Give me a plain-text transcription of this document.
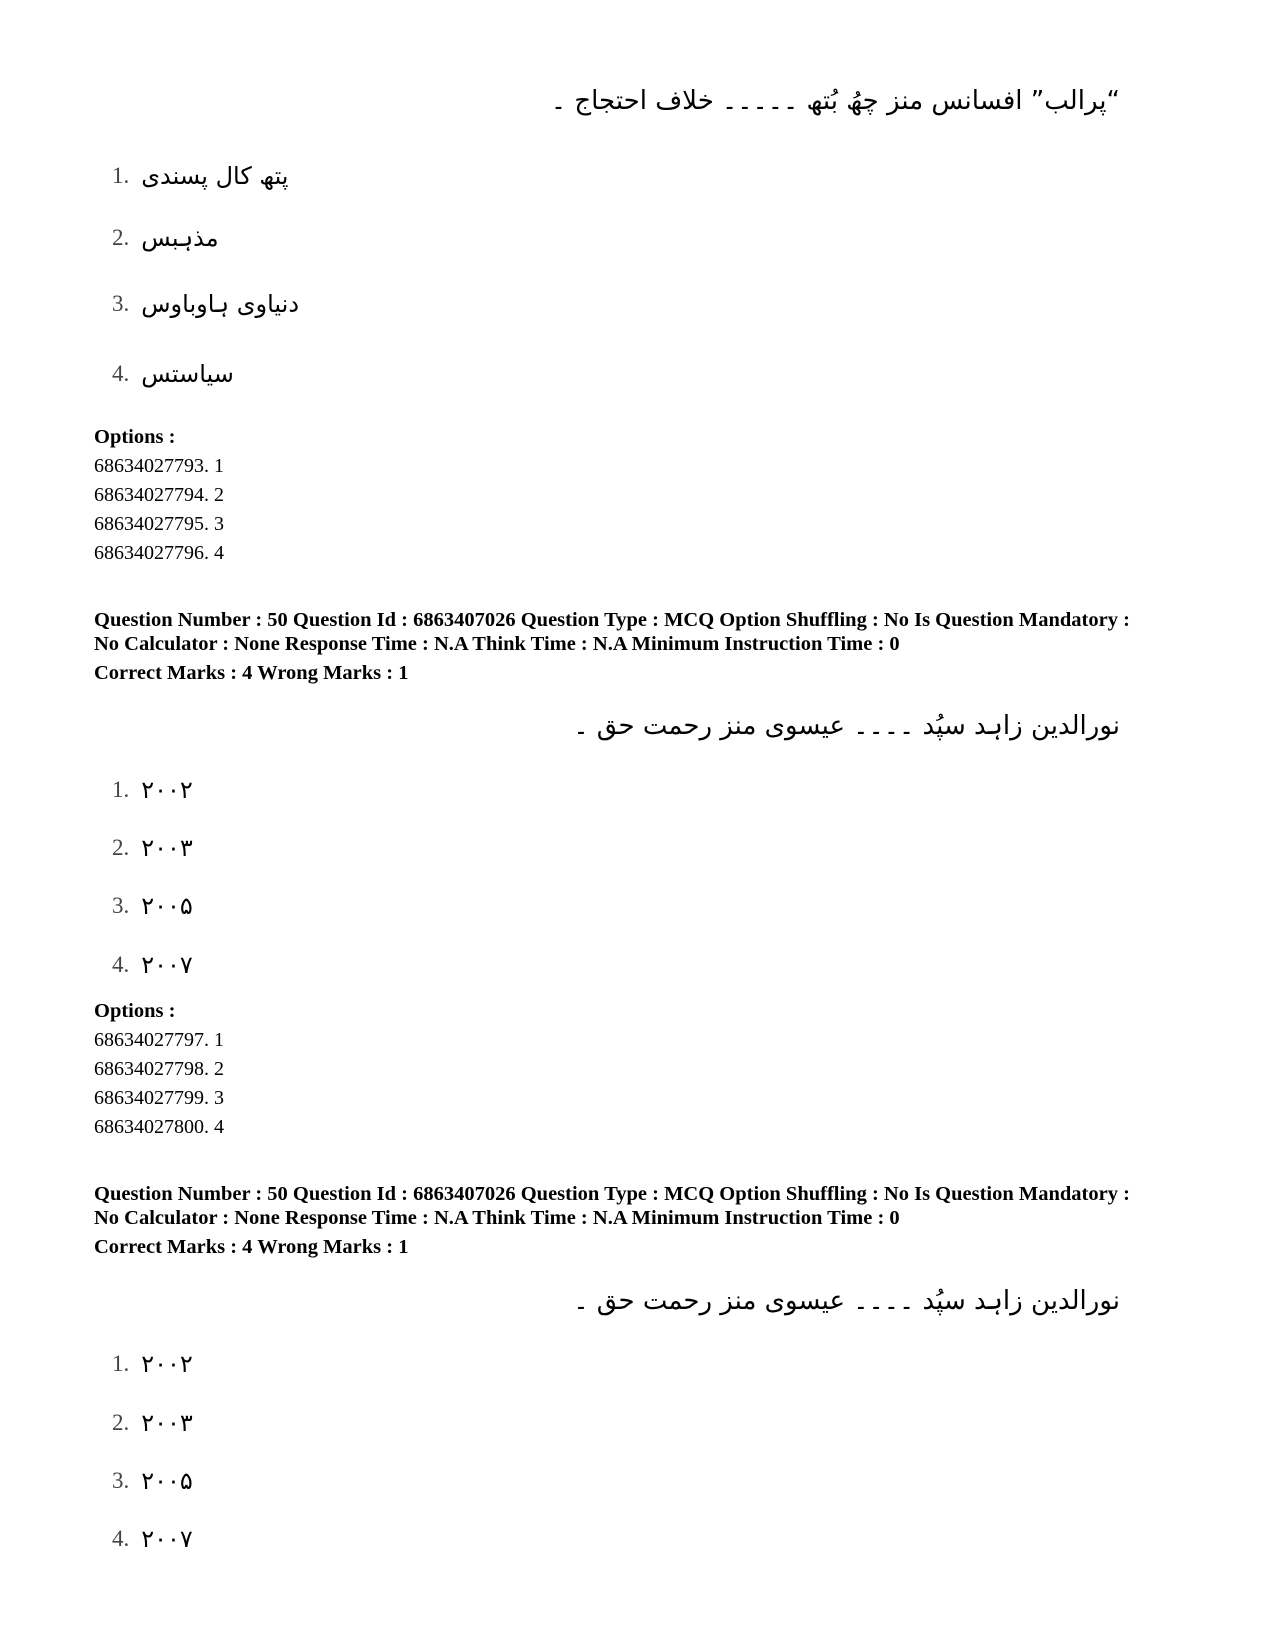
“پرالب” افسانس منز چھُ بُتھ ۔۔۔۔۔ خلاف احتجاج ۔
1. پتھ کال پسندی
2. مذہبس
3. دنیاوی ہاوباوس
4. سیاستس
Options :
68634027793. 1
68634027794. 2
68634027795. 3
68634027796. 4
Question Number : 50 Question Id : 6863407026 Question Type : MCQ Option Shuffling : No Is Question Mandatory :
No Calculator : None Response Time : N.A Think Time : N.A Minimum Instruction Time : 0
Correct Marks : 4 Wrong Marks : 1
نورالدین زاہد سپُد ۔۔۔۔ عیسوی منز رحمت حق ۔
1. ۲۰۰۲
2. ۲۰۰۳
3. ۲۰۰۵
4. ۲۰۰۷
Options :
68634027797. 1
68634027798. 2
68634027799. 3
68634027800. 4
Question Number : 50 Question Id : 6863407026 Question Type : MCQ Option Shuffling : No Is Question Mandatory :
No Calculator : None Response Time : N.A Think Time : N.A Minimum Instruction Time : 0
Correct Marks : 4 Wrong Marks : 1
نورالدین زاہد سپُد ۔۔۔۔ عیسوی منز رحمت حق ۔
1. ۲۰۰۲
2. ۲۰۰۳
3. ۲۰۰۵
4. ۲۰۰۷
